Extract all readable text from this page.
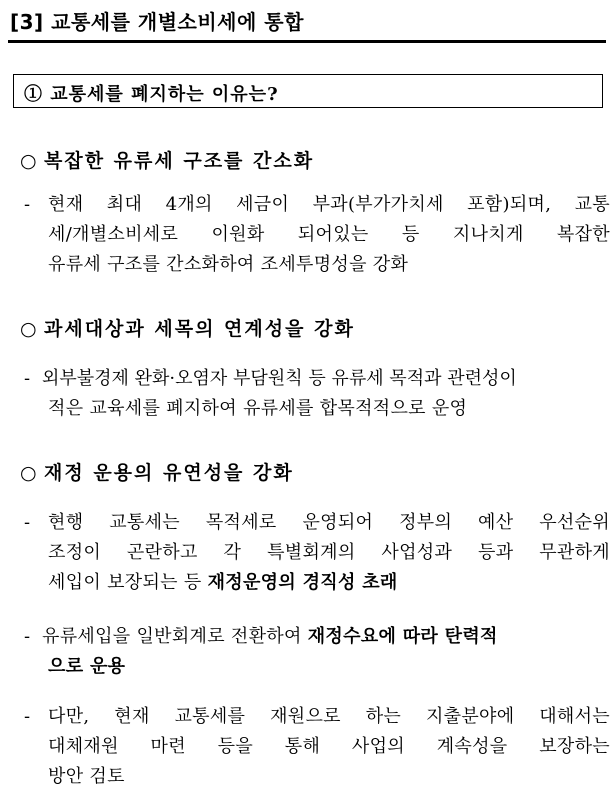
[3] 교통세를 개별소비세에 통합
① 교통세를 폐지하는 이유는?
○ 복잡한 유류세 구조를 간소화
- 현재 최대 4개의 세금이 부과(부가가치세 포함)되며, 교통
세/개별소비세로 이원화 되어있는 등 지나치게 복잡한
유류세 구조를 간소화하여 조세투명성을 강화
○ 과세대상과 세목의 연계성을 강화
- 외부불경제 완화·오염자 부담원칙 등 유류세 목적과 관련성이
적은 교육세를 폐지하여 유류세를 합목적적으로 운영
○ 재정 운용의 유연성을 강화
- 현행 교통세는 목적세로 운영되어 정부의 예산 우선순위
조정이 곤란하고 각 특별회계의 사업성과 등과 무관하게
세입이 보장되는 등 재정운영의 경직성 초래
- 유류세입을 일반회계로 전환하여 재정수요에 따라 탄력적
으로 운용
- 다만, 현재 교통세를 재원으로 하는 지출분야에 대해서는
대체재원 마련 등을 통해 사업의 계속성을 보장하는
방안 검토
